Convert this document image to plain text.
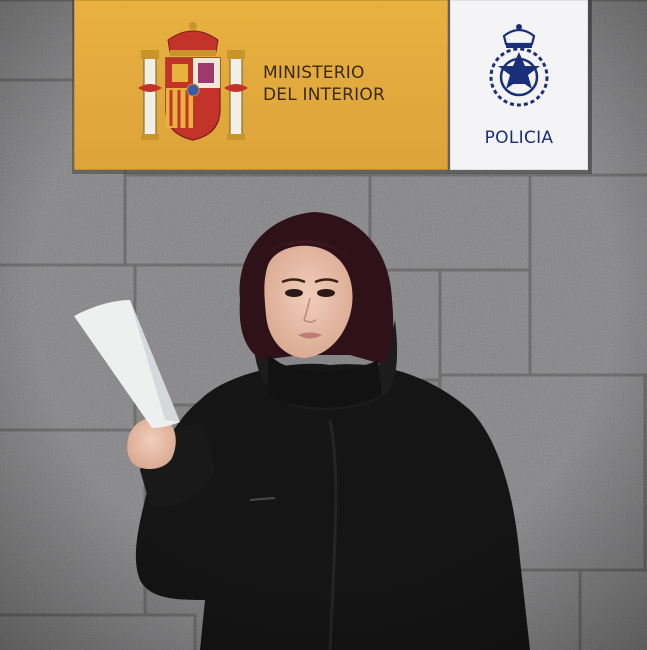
MINISTERIO
DEL INTERIOR
POLICIA
